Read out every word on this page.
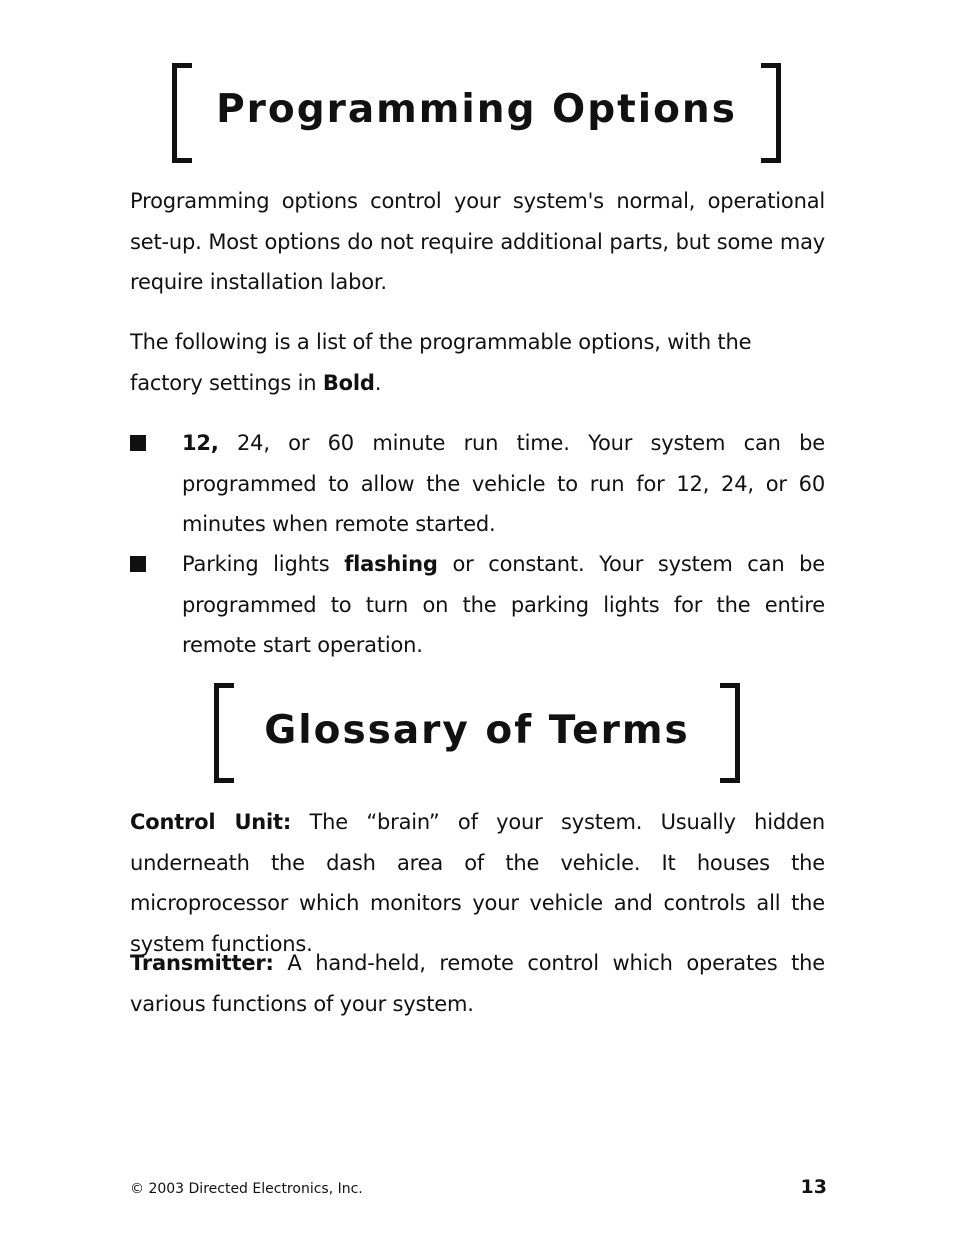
Programming Options
Programming options control your system's normal, operational set-up. Most options do not require additional parts, but some may require installation labor.
The following is a list of the programmable options, with the factory settings in Bold.
12, 24, or 60 minute run time. Your system can be programmed to allow the vehicle to run for 12, 24, or 60 minutes when remote started.
Parking lights flashing or constant. Your system can be programmed to turn on the parking lights for the entire remote start operation.
Glossary of Terms
Control Unit: The “brain” of your system. Usually hidden underneath the dash area of the vehicle. It houses the microprocessor which monitors your vehicle and controls all the system functions.
Transmitter: A hand-held, remote control which operates the various functions of your system.
© 2003 Directed Electronics, Inc.	13
